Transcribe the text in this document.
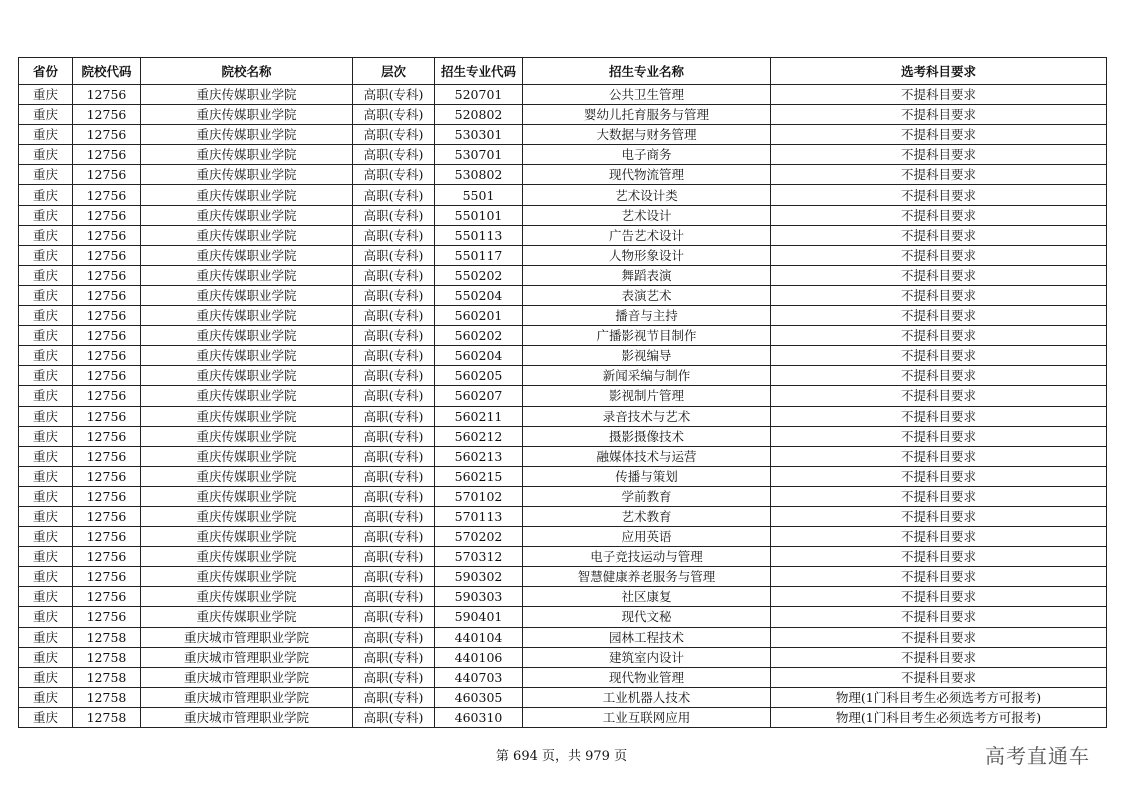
省份	院校代码	院校名称	层次	招生专业代码	招生专业名称	选考科目要求
重庆	12756	重庆传媒职业学院	高职(专科)	520701	公共卫生管理	不提科目要求
重庆	12756	重庆传媒职业学院	高职(专科)	520802	婴幼儿托育服务与管理	不提科目要求
重庆	12756	重庆传媒职业学院	高职(专科)	530301	大数据与财务管理	不提科目要求
重庆	12756	重庆传媒职业学院	高职(专科)	530701	电子商务	不提科目要求
重庆	12756	重庆传媒职业学院	高职(专科)	530802	现代物流管理	不提科目要求
重庆	12756	重庆传媒职业学院	高职(专科)	5501	艺术设计类	不提科目要求
重庆	12756	重庆传媒职业学院	高职(专科)	550101	艺术设计	不提科目要求
重庆	12756	重庆传媒职业学院	高职(专科)	550113	广告艺术设计	不提科目要求
重庆	12756	重庆传媒职业学院	高职(专科)	550117	人物形象设计	不提科目要求
重庆	12756	重庆传媒职业学院	高职(专科)	550202	舞蹈表演	不提科目要求
重庆	12756	重庆传媒职业学院	高职(专科)	550204	表演艺术	不提科目要求
重庆	12756	重庆传媒职业学院	高职(专科)	560201	播音与主持	不提科目要求
重庆	12756	重庆传媒职业学院	高职(专科)	560202	广播影视节目制作	不提科目要求
重庆	12756	重庆传媒职业学院	高职(专科)	560204	影视编导	不提科目要求
重庆	12756	重庆传媒职业学院	高职(专科)	560205	新闻采编与制作	不提科目要求
重庆	12756	重庆传媒职业学院	高职(专科)	560207	影视制片管理	不提科目要求
重庆	12756	重庆传媒职业学院	高职(专科)	560211	录音技术与艺术	不提科目要求
重庆	12756	重庆传媒职业学院	高职(专科)	560212	摄影摄像技术	不提科目要求
重庆	12756	重庆传媒职业学院	高职(专科)	560213	融媒体技术与运营	不提科目要求
重庆	12756	重庆传媒职业学院	高职(专科)	560215	传播与策划	不提科目要求
重庆	12756	重庆传媒职业学院	高职(专科)	570102	学前教育	不提科目要求
重庆	12756	重庆传媒职业学院	高职(专科)	570113	艺术教育	不提科目要求
重庆	12756	重庆传媒职业学院	高职(专科)	570202	应用英语	不提科目要求
重庆	12756	重庆传媒职业学院	高职(专科)	570312	电子竞技运动与管理	不提科目要求
重庆	12756	重庆传媒职业学院	高职(专科)	590302	智慧健康养老服务与管理	不提科目要求
重庆	12756	重庆传媒职业学院	高职(专科)	590303	社区康复	不提科目要求
重庆	12756	重庆传媒职业学院	高职(专科)	590401	现代文秘	不提科目要求
重庆	12758	重庆城市管理职业学院	高职(专科)	440104	园林工程技术	不提科目要求
重庆	12758	重庆城市管理职业学院	高职(专科)	440106	建筑室内设计	不提科目要求
重庆	12758	重庆城市管理职业学院	高职(专科)	440703	现代物业管理	不提科目要求
重庆	12758	重庆城市管理职业学院	高职(专科)	460305	工业机器人技术	物理(1门科目考生必须选考方可报考)
重庆	12758	重庆城市管理职业学院	高职(专科)	460310	工业互联网应用	物理(1门科目考生必须选考方可报考)
第 694 页，共 979 页	高考直通车
